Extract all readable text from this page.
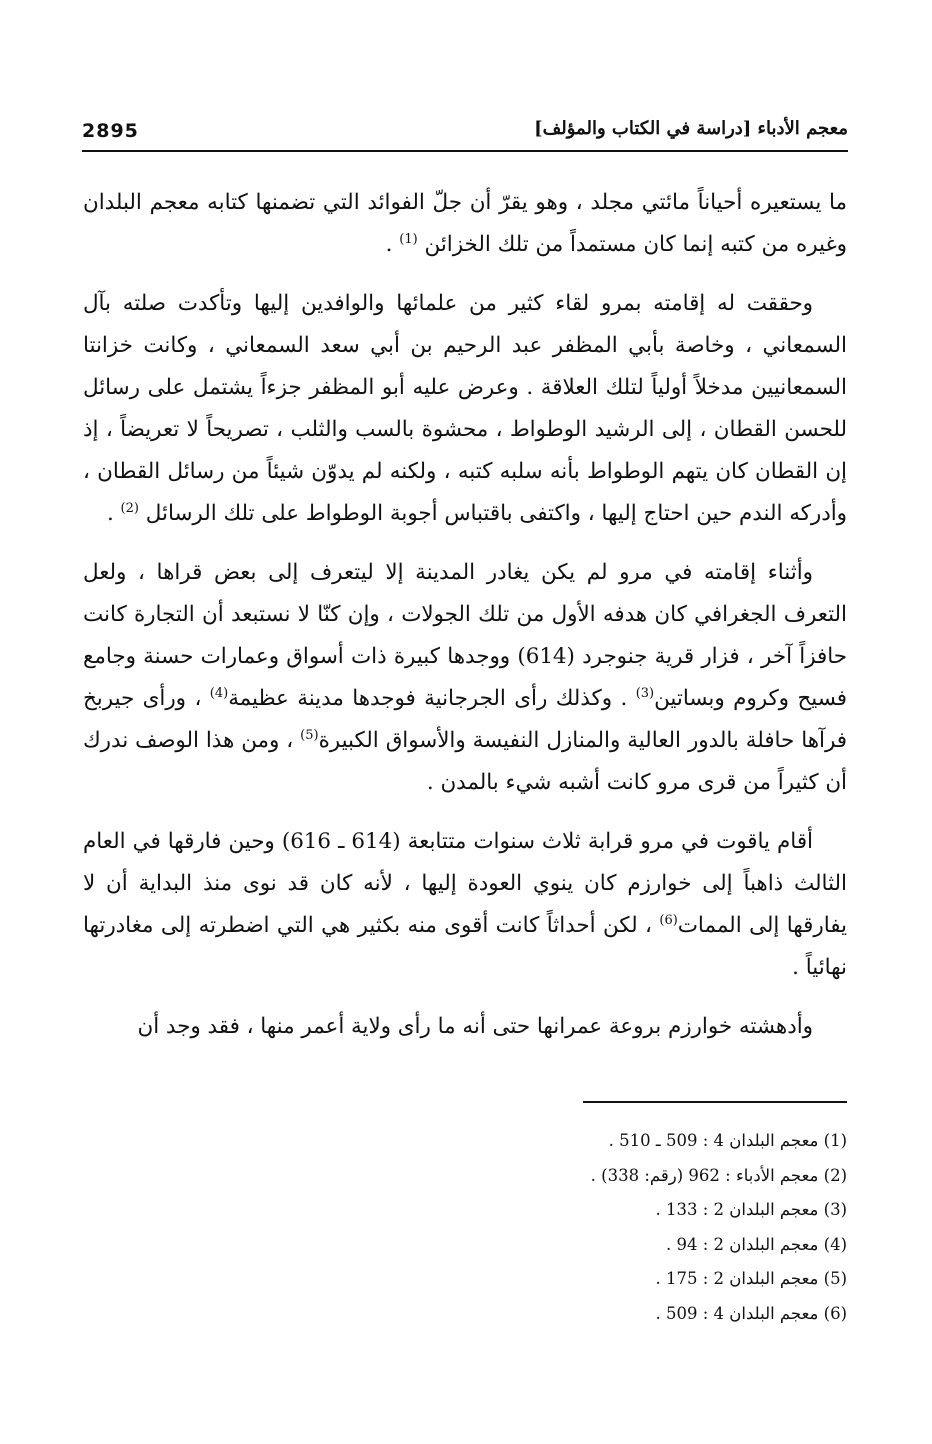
2895	معجم الأدباء [دراسة في الكتاب والمؤلف]

ما يستعيره أحياناً مائتي مجلد ، وهو يقرّ أن جلّ الفوائد التي تضمنها كتابه معجم البلدان وغيره من كتبه إنما كان مستمداً من تلك الخزائن $^{(1)}$ .

وحققت له إقامته بمرو لقاء كثير من علمائها والوافدين إليها وتأكدت صلته بآل السمعاني ، وخاصة بأبي المظفر عبد الرحيم بن أبي سعد السمعاني ، وكانت خزانتا السمعانيين مدخلاً أولياً لتلك العلاقة . وعرض عليه أبو المظفر جزءاً يشتمل على رسائل للحسن القطان ، إلى الرشيد الوطواط ، محشوة بالسب والثلب ، تصريحاً لا تعريضاً ، إذ إن القطان كان يتهم الوطواط بأنه سلبه كتبه ، ولكنه لم يدوّن شيئاً من رسائل القطان ، وأدركه الندم حين احتاج إليها ، واكتفى باقتباس أجوبة الوطواط على تلك الرسائل $^{(2)}$ .

وأثناء إقامته في مرو لم يكن يغادر المدينة إلا ليتعرف إلى بعض قراها ، ولعل التعرف الجغرافي كان هدفه الأول من تلك الجولات ، وإن كنّا لا نستبعد أن التجارة كانت حافزاً آخر ، فزار قرية جنوجرد (614) ووجدها كبيرة ذات أسواق وعمارات حسنة وجامع فسيح وكروم وبساتين$^{(3)}$ . وكذلك رأى الجرجانية فوجدها مدينة عظيمة$^{(4)}$ ، ورأى جيربخ فرآها حافلة بالدور العالية والمنازل النفيسة والأسواق الكبيرة$^{(5)}$ ، ومن هذا الوصف ندرك أن كثيراً من قرى مرو كانت أشبه شيء بالمدن .

أقام ياقوت في مرو قرابة ثلاث سنوات متتابعة (614 ـ 616) وحين فارقها في العام الثالث ذاهباً إلى خوارزم كان ينوي العودة إليها ، لأنه كان قد نوى منذ البداية أن لا يفارقها إلى الممات$^{(6)}$ ، لكن أحداثاً كانت أقوى منه بكثير هي التي اضطرته إلى مغادرتها نهائياً .

وأدهشته خوارزم بروعة عمرانها حتى أنه ما رأى ولاية أعمر منها ، فقد وجد أن

(1) معجم البلدان 4 : 509 ـ 510 .

(2) معجم الأدباء : 962 (رقم: 338) .

(3) معجم البلدان 2 : 133 .

(4) معجم البلدان 2 : 94 .

(5) معجم البلدان 2 : 175 .

(6) معجم البلدان 4 : 509 .
